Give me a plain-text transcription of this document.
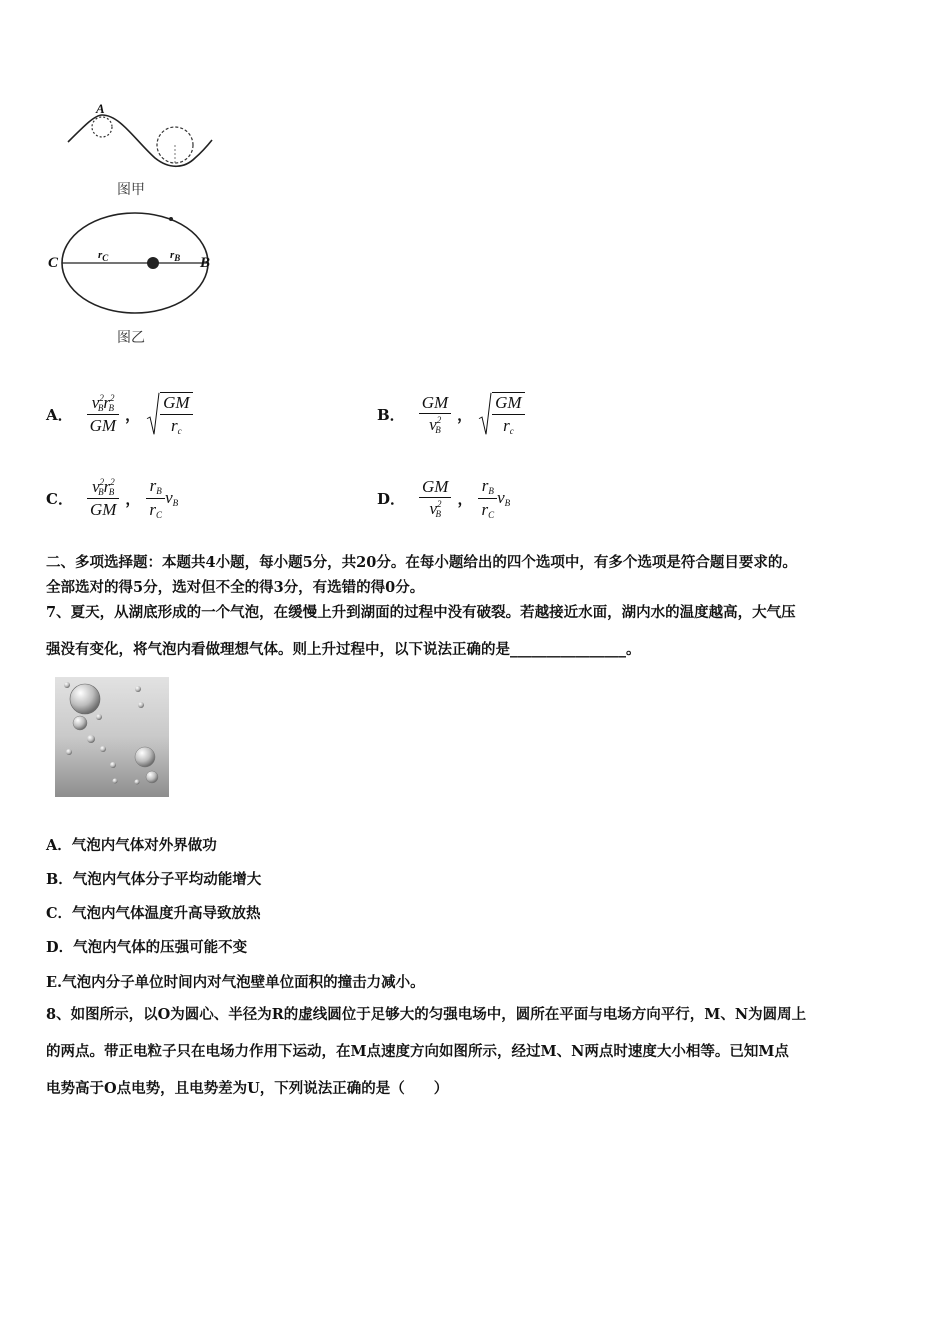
A
图甲
C	B
$r_C$	$r_B$
图乙
A． $\frac{v^2_Br^2_B}{GM}$ ， $\frac{GM}{r_c}$	B． $\frac{GM}{v^2_B}$ ， $\frac{GM}{r_c}$
C． $\frac{v^2_Br^2_B}{GM}$ ， $\frac{r_B}{r_C} v_B$	D． $\frac{GM}{v^2_B}$ ， $\frac{r_B}{r_C} v_B$
二、多项选择题：本题共4小题，每小题5分，共20分。在每小题给出的四个选项中，有多个选项是符合题目要求的。
全部选对的得5分，选对但不全的得3分，有选错的得0分。
7、夏天，从湖底形成的一个气泡，在缓慢上升到湖面的过程中没有破裂。若越接近水面，湖内水的温度越高，大气压
强没有变化，将气泡内看做理想气体。则上升过程中，以下说法正确的是________________。
A．气泡内气体对外界做功
B．气泡内气体分子平均动能增大
C．气泡内气体温度升高导致放热
D．气泡内气体的压强可能不变
E.气泡内分子单位时间内对气泡壁单位面积的撞击力减小。
8、如图所示，以O为圆心、半径为R的虚线圆位于足够大的匀强电场中，圆所在平面与电场方向平行，M、N为圆周上
的两点。带正电粒子只在电场力作用下运动，在M点速度方向如图所示，经过M、N两点时速度大小相等。已知M点
电势高于O点电势，且电势差为U，下列说法正确的是（　　）
